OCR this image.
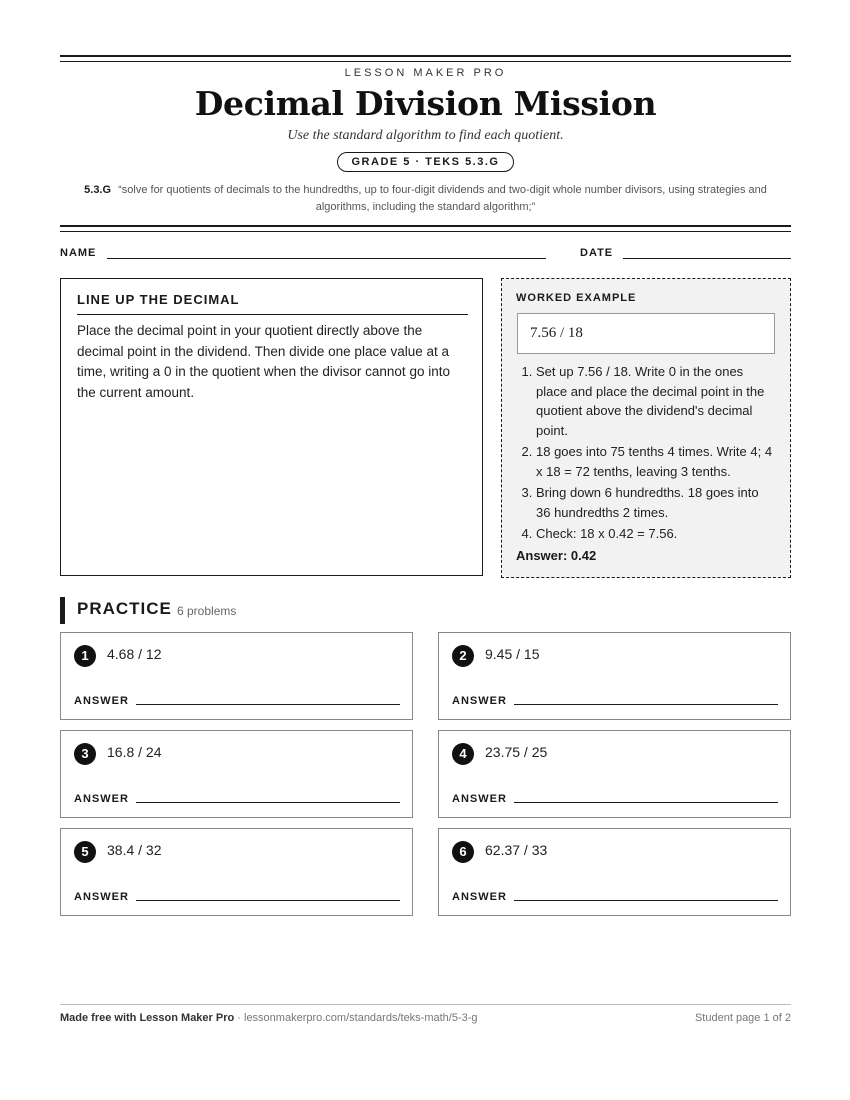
LESSON MAKER PRO
Decimal Division Mission
Use the standard algorithm to find each quotient.
GRADE 5 · TEKS 5.3.G
5.3.G “solve for quotients of decimals to the hundredths, up to four-digit dividends and two-digit whole number divisors, using strategies and algorithms, including the standard algorithm;”
NAME	DATE
LINE UP THE DECIMAL

Place the decimal point in your quotient directly above the decimal point in the dividend. Then divide one place value at a time, writing a 0 in the quotient when the divisor cannot go into the current amount.

WORKED EXAMPLE
7.56 / 18
1. Set up 7.56 / 18. Write 0 in the ones place and place the decimal point in the quotient above the dividend's decimal point.
2. 18 goes into 75 tenths 4 times. Write 4; 4 x 18 = 72 tenths, leaving 3 tenths.
3. Bring down 6 hundredths. 18 goes into 36 hundredths 2 times.
4. Check: 18 x 0.42 = 7.56.
Answer: 0.42
PRACTICE 6 problems
1	4.68 / 12
ANSWER
2	9.45 / 15
ANSWER
3	16.8 / 24
ANSWER
4	23.75 / 25
ANSWER
5	38.4 / 32
ANSWER
6	62.37 / 33
ANSWER
Made free with Lesson Maker Pro · lessonmakerpro.com/standards/teks-math/5-3-g	Student page 1 of 2
